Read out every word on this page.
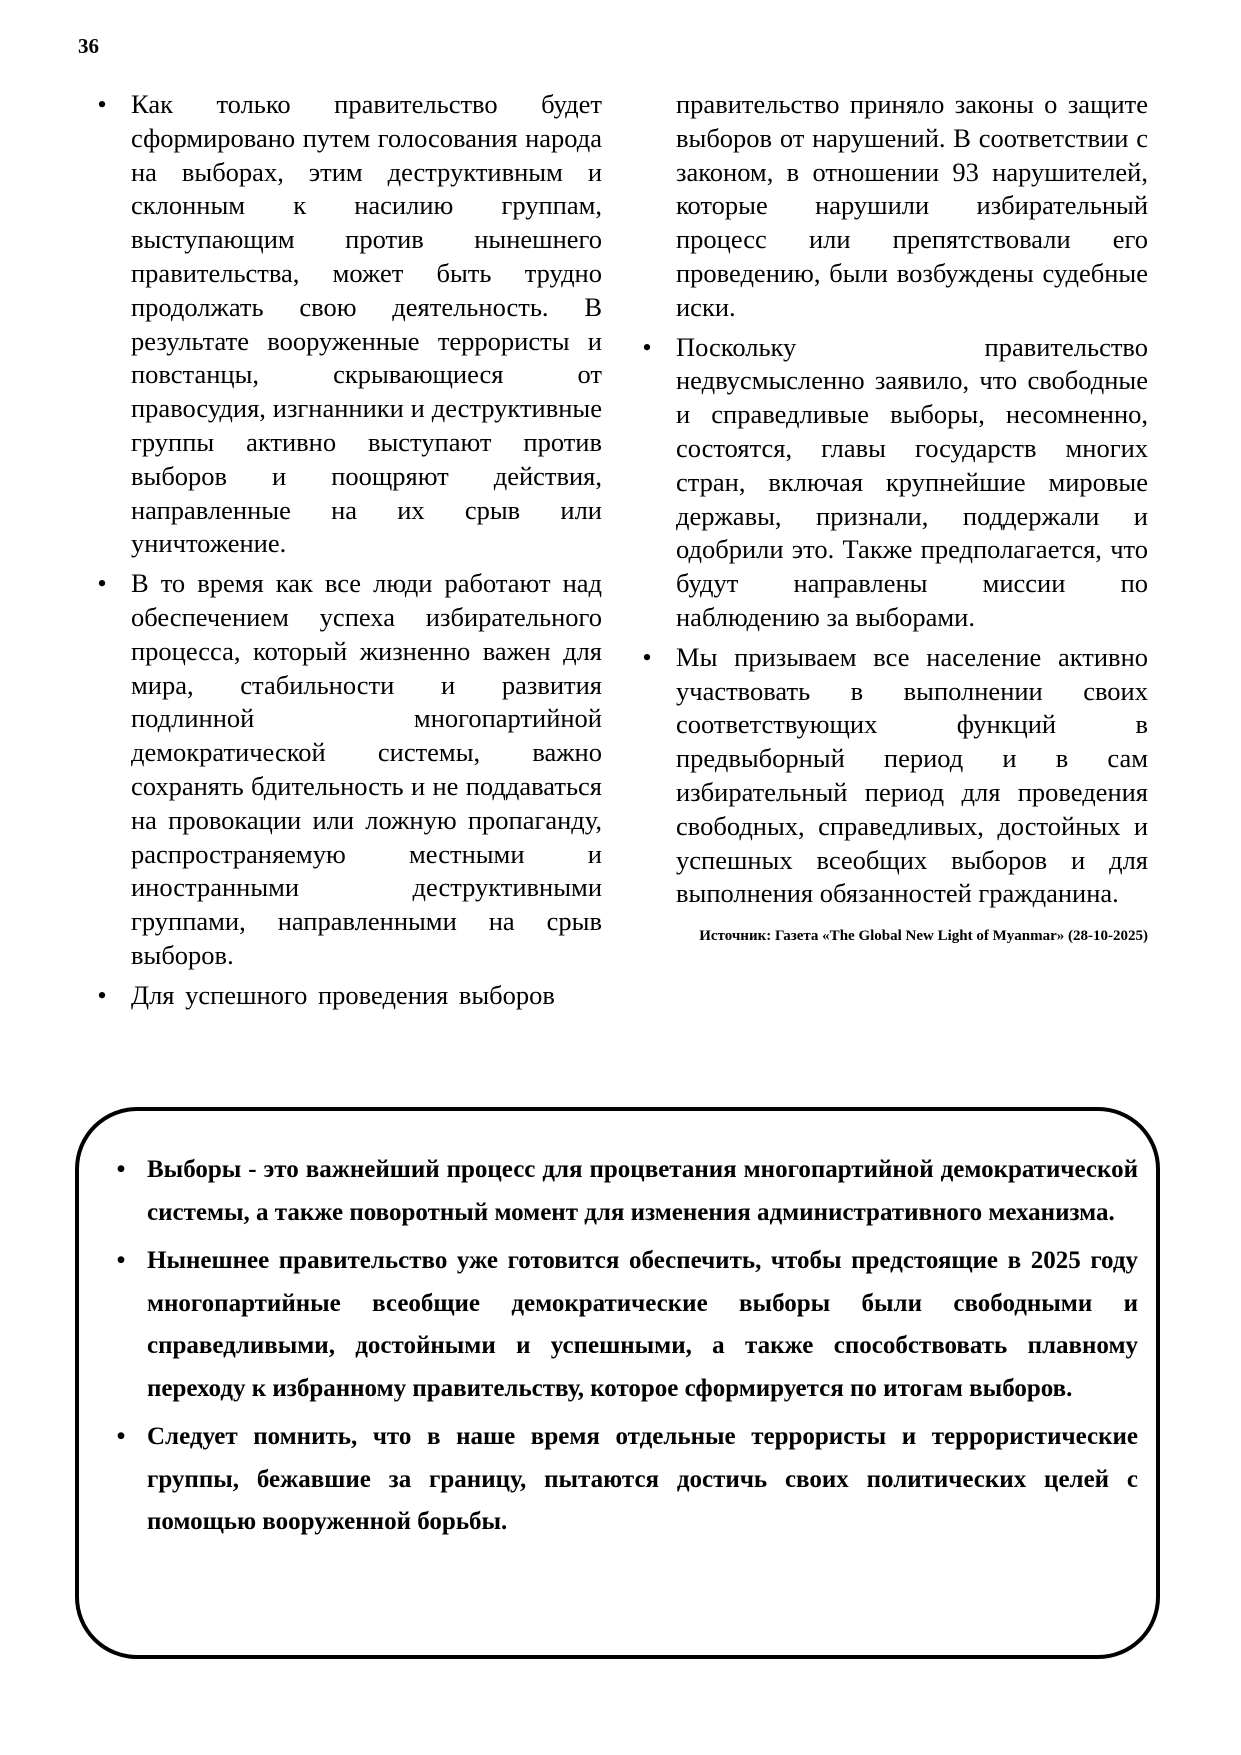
36
• Как только правительство будет сформировано путем голосования народа на выборах, этим деструктивным и склонным к насилию группам, выступающим против нынешнего правительства, может быть трудно продолжать свою деятельность. В результате вооруженные террористы и повстанцы, скрывающиеся от правосудия, изгнанники и деструктивные группы активно выступают против выборов и поощряют действия, направленные на их срыв или уничтожение.
• В то время как все люди работают над обеспечением успеха избирательного процесса, который жизненно важен для мира, стабильности и развития подлинной многопартийной демократической системы, важно сохранять бдительность и не поддаваться на провокации или ложную пропаганду, распространяемую местными и иностранными деструктивными группами, направленными на срыв выборов.
• Для успешного проведения выборов
правительство приняло законы о защите выборов от нарушений. В соответствии с законом, в отношении 93 нарушителей, которые нарушили избирательный процесс или препятствовали его проведению, были возбуждены судебные иски.
• Поскольку правительство недвусмысленно заявило, что свободные и справедливые выборы, несомненно, состоятся, главы государств многих стран, включая крупнейшие мировые державы, признали, поддержали и одобрили это. Также предполагается, что будут направлены миссии по наблюдению за выборами.
• Мы призываем все население активно участвовать в выполнении своих соответствующих функций в предвыборный период и в сам избирательный период для проведения свободных, справедливых, достойных и успешных всеобщих выборов и для выполнения обязанностей гражданина.
Источник: Газета «The Global New Light of Myanmar» (28-10-2025)
• Выборы - это важнейший процесс для процветания многопартийной демократической системы, а также поворотный момент для изменения административного механизма.
• Нынешнее правительство уже готовится обеспечить, чтобы предстоящие в 2025 году многопартийные всеобщие демократические выборы были свободными и справедливыми, достойными и успешными, а также способствовать плавному переходу к избранному правительству, которое сформируется по итогам выборов.
• Следует помнить, что в наше время отдельные террористы и террористические группы, бежавшие за границу, пытаются достичь своих политических целей с помощью вооруженной борьбы.
